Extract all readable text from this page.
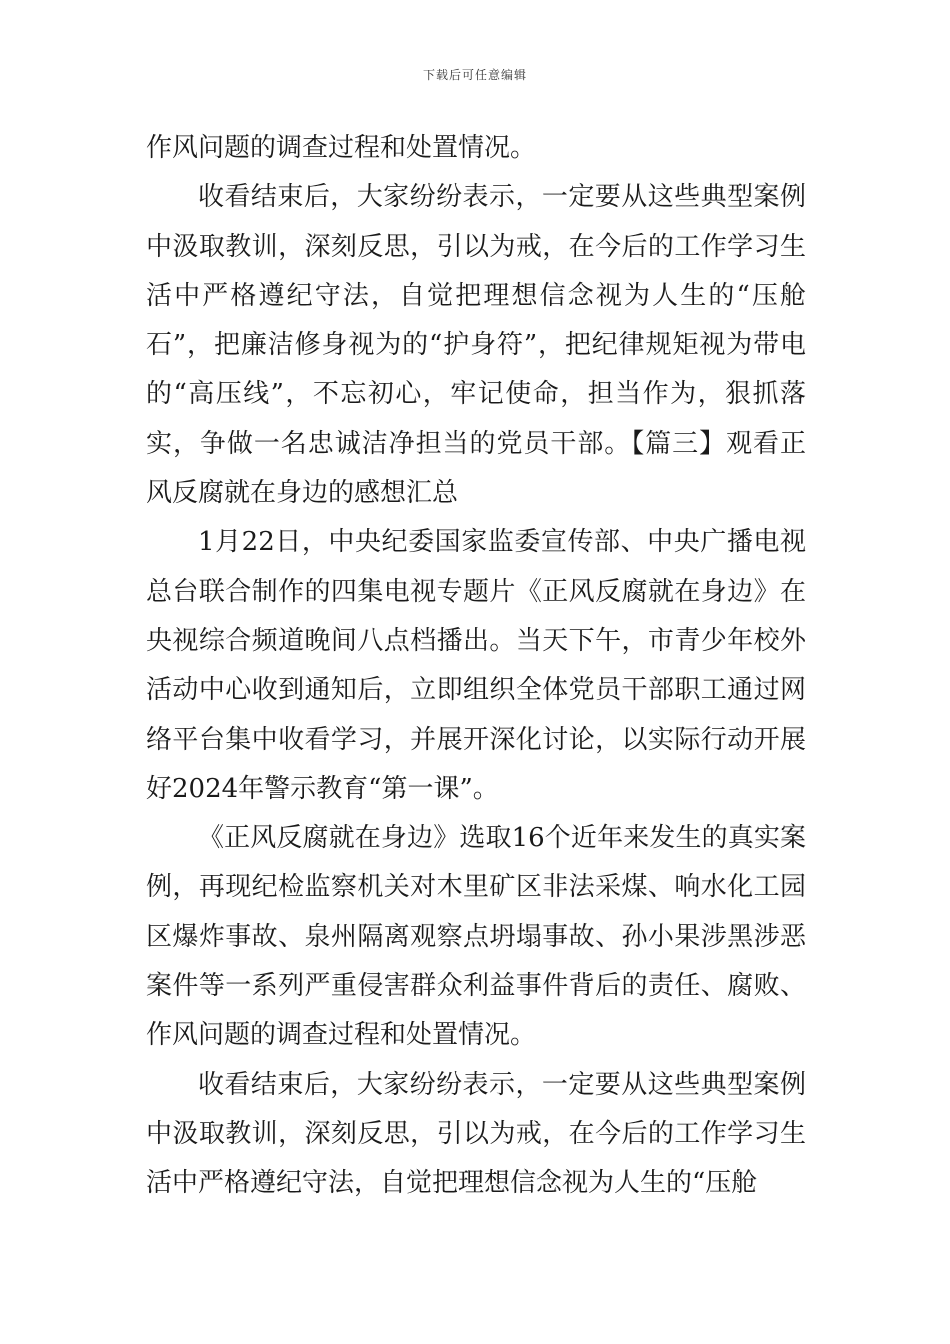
下载后可任意编辑

作风问题的调查过程和处置情况。

收看结束后，大家纷纷表示，一定要从这些典型案例中汲取教训，深刻反思，引以为戒，在今后的工作学习生活中严格遵纪守法，自觉把理想信念视为人生的“压舱石”，把廉洁修身视为的“护身符”，把纪律规矩视为带电的“高压线”，不忘初心，牢记使命，担当作为，狠抓落实，争做一名忠诚洁净担当的党员干部。【篇三】观看正风反腐就在身边的感想汇总

1月22日，中央纪委国家监委宣传部、中央广播电视总台联合制作的四集电视专题片《正风反腐就在身边》在央视综合频道晚间八点档播出。当天下午，市青少年校外活动中心收到通知后，立即组织全体党员干部职工通过网络平台集中收看学习，并展开深化讨论，以实际行动开展好2024年警示教育“第一课”。

《正风反腐就在身边》选取16个近年来发生的真实案例，再现纪检监察机关对木里矿区非法采煤、响水化工园区爆炸事故、泉州隔离观察点坍塌事故、孙小果涉黑涉恶案件等一系列严重侵害群众利益事件背后的责任、腐败、作风问题的调查过程和处置情况。

收看结束后，大家纷纷表示，一定要从这些典型案例中汲取教训，深刻反思，引以为戒，在今后的工作学习生活中严格遵纪守法，自觉把理想信念视为人生的“压舱
